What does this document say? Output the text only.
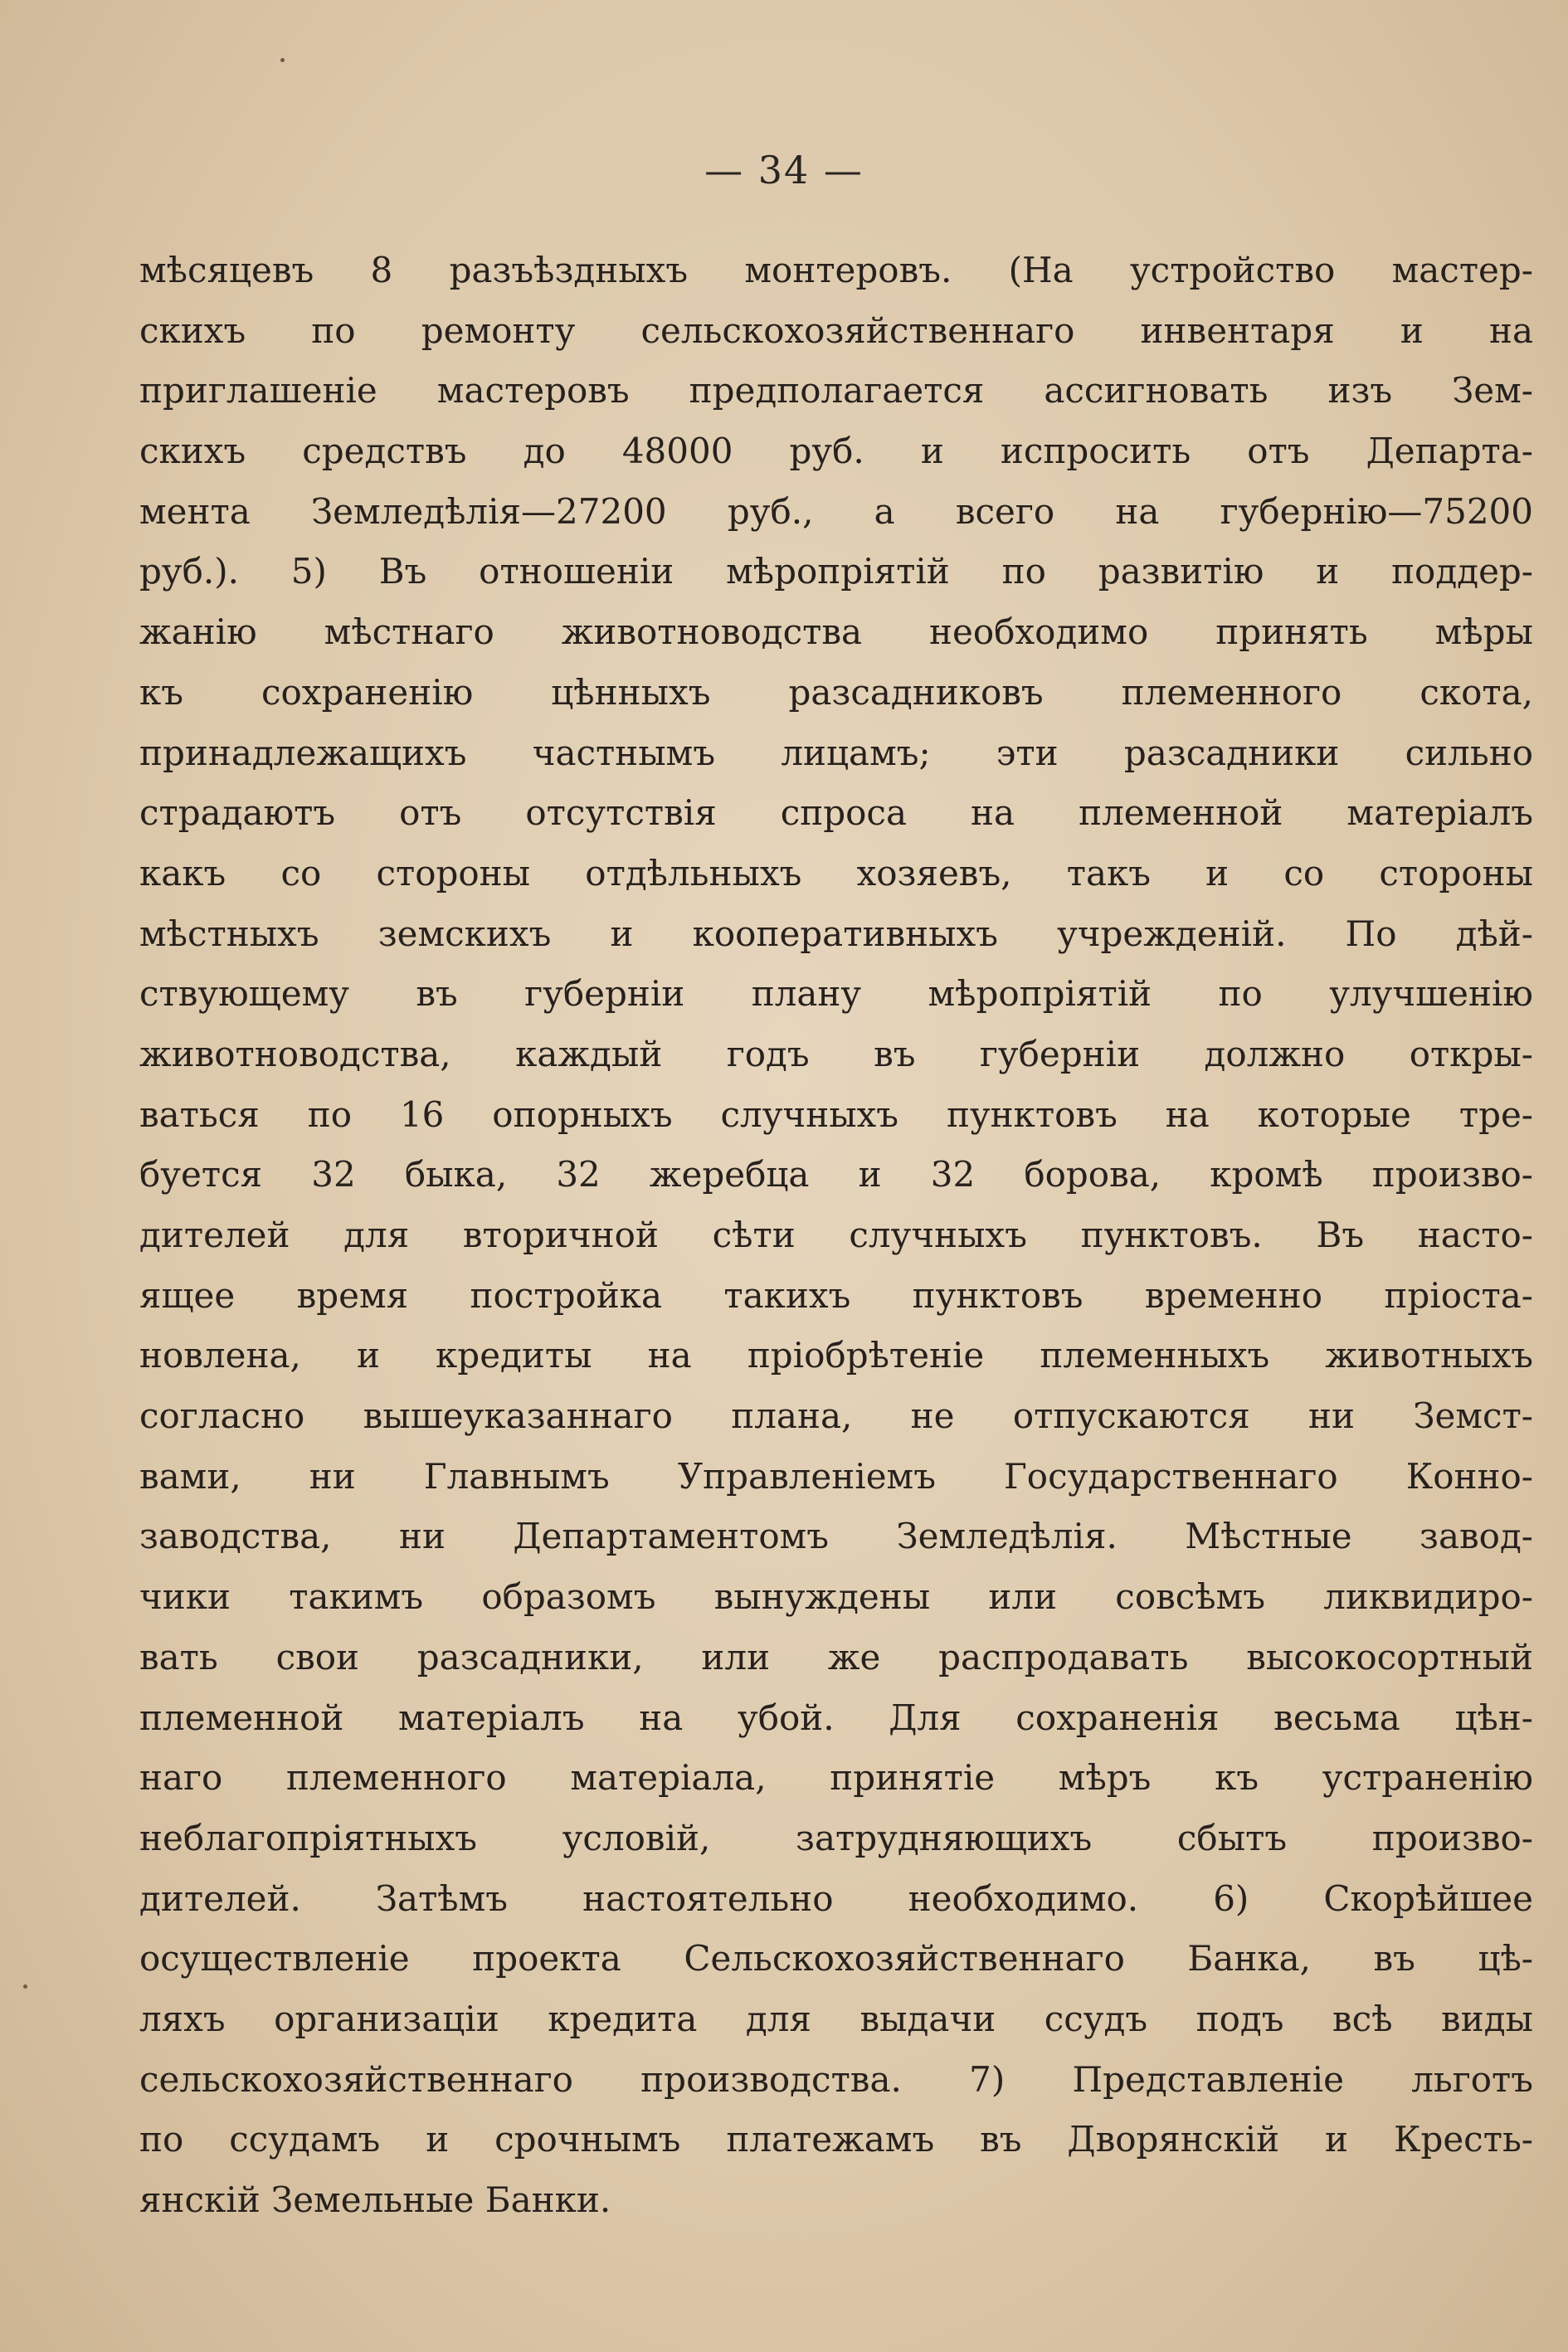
— 34 —
мѣсяцевъ 8 разъѣздныхъ монтеровъ. (На устройство мастер-
скихъ по ремонту сельскохозяйственнаго инвентаря и на
приглашеніе мастеровъ предполагается ассигновать изъ Зем-
скихъ средствъ до 48000 руб. и испросить отъ Департа-
мента Земледѣлія—27200 руб., а всего на губернію—75200
руб.). 5) Въ отношеніи мѣропріятій по развитію и поддер-
жанію мѣстнаго животноводства необходимо принять мѣры
къ сохраненію цѣнныхъ разсадниковъ племенного скота,
принадлежащихъ частнымъ лицамъ; эти разсадники сильно
страдаютъ отъ отсутствія спроса на племенной матеріалъ
какъ со стороны отдѣльныхъ хозяевъ, такъ и со стороны
мѣстныхъ земскихъ и кооперативныхъ учрежденій. По дѣй-
ствующему въ губерніи плану мѣропріятій по улучшенію
животноводства, каждый годъ въ губерніи должно откры-
ваться по 16 опорныхъ случныхъ пунктовъ на которые тре-
буется 32 быка, 32 жеребца и 32 борова, кромѣ произво-
дителей для вторичной сѣти случныхъ пунктовъ. Въ насто-
ящее время постройка такихъ пунктовъ временно пріоста-
новлена, и кредиты на пріобрѣтеніе племенныхъ животныхъ
согласно вышеуказаннаго плана, не отпускаются ни Земст-
вами, ни Главнымъ Управленіемъ Государственнаго Конно-
заводства, ни Департаментомъ Земледѣлія. Мѣстные завод-
чики такимъ образомъ вынуждены или совсѣмъ ликвидиро-
вать свои разсадники, или же распродавать высокосортный
племенной матеріалъ на убой. Для сохраненія весьма цѣн-
наго племенного матеріала, принятіе мѣръ къ устраненію
неблагопріятныхъ условій, затрудняющихъ сбытъ произво-
дителей. Затѣмъ настоятельно необходимо. 6) Скорѣйшее
осуществленіе проекта Сельскохозяйственнаго Банка, въ цѣ-
ляхъ организаціи кредита для выдачи ссудъ подъ всѣ виды
сельскохозяйственнаго производства. 7) Представленіе льготъ
по ссудамъ и срочнымъ платежамъ въ Дворянскій и Кресть-
янскій Земельные Банки.
